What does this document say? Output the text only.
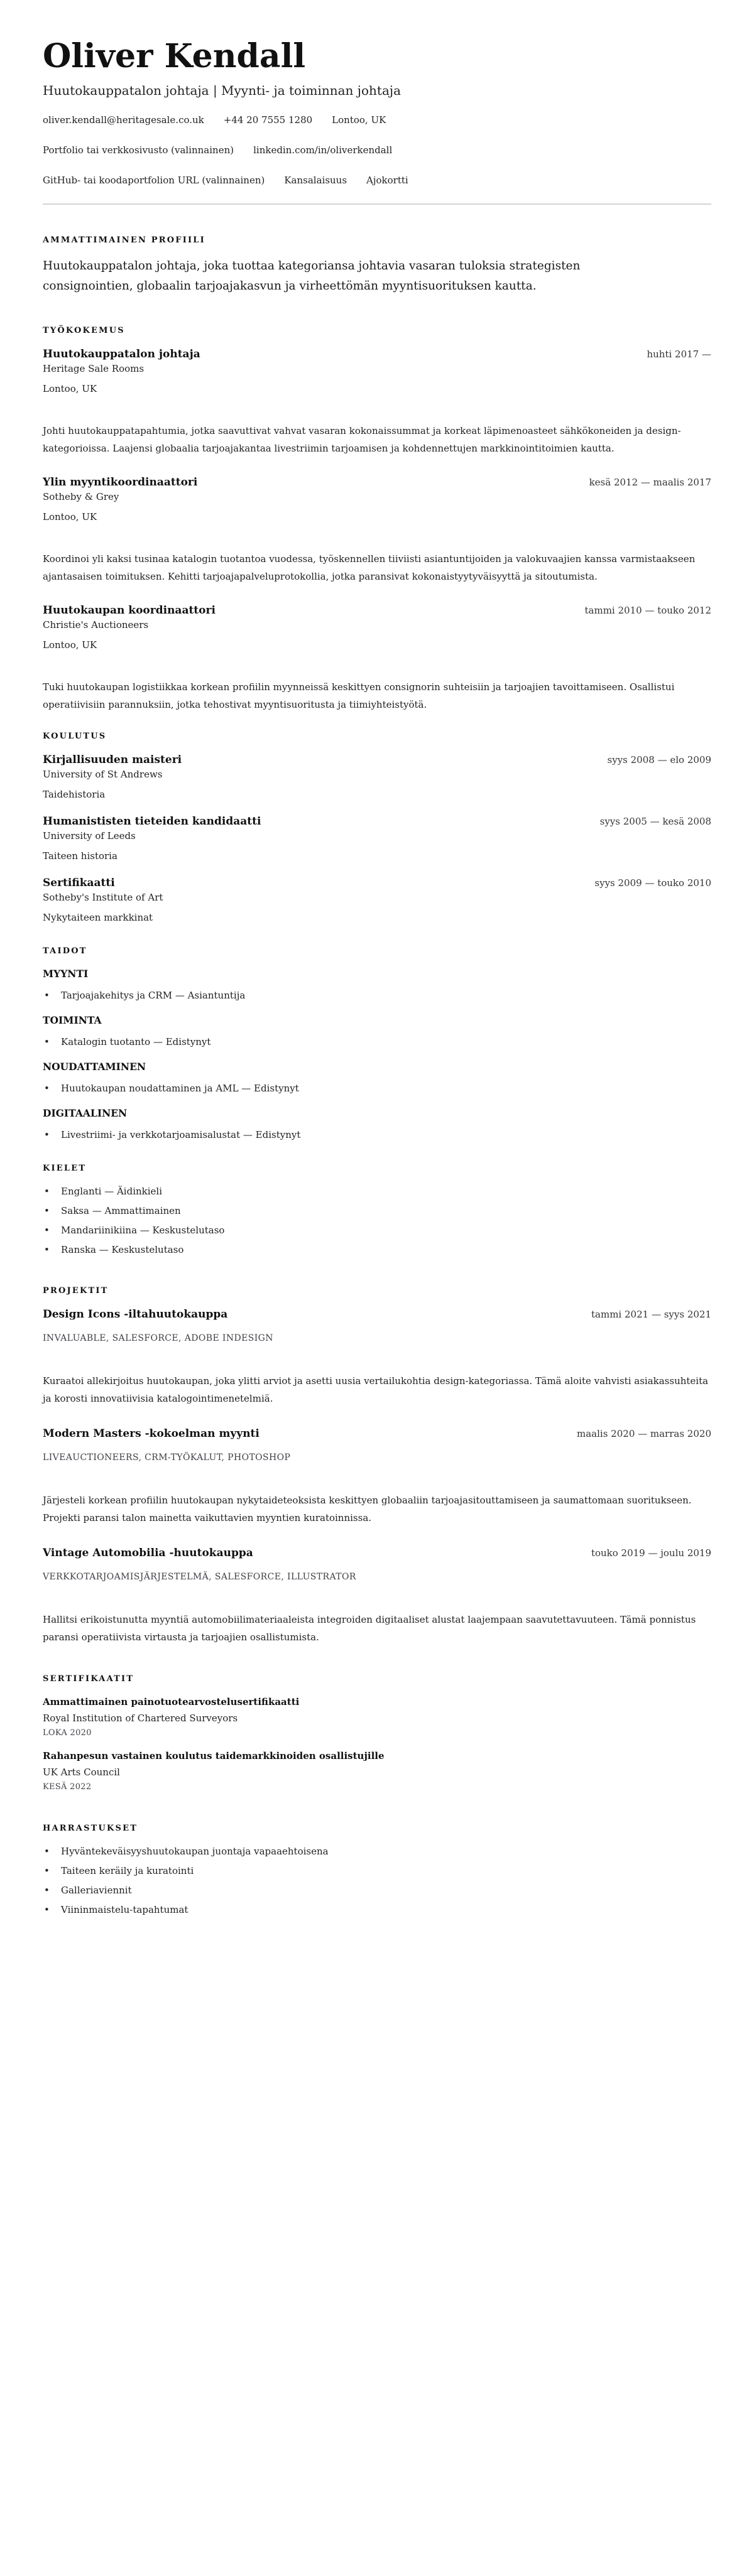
Oliver Kendall
Huutokauppatalon johtaja | Myynti- ja toiminnan johtaja
oliver.kendall@heritagesale.co.uk +44 20 7555 1280 Lontoo, UK
Portfolio tai verkkosivusto (valinnainen) linkedin.com/in/oliverkendall
GitHub- tai koodaportfolion URL (valinnainen) Kansalaisuus Ajokortti
AMMATTIMAINEN PROFIILI

Huutokauppatalon johtaja, joka tuottaa kategoriansa johtavia vasaran tuloksia strategisten consignointien, globaalin tarjoajakasvun ja virheettömän myyntisuorituksen kautta.

TYÖKOKEMUS
Huutokauppatalon johtaja	huhti 2017 —
Heritage Sale Rooms
Lontoo, UK

Johti huutokauppatapahtumia, jotka saavuttivat vahvat vasaran kokonaissummat ja korkeat läpimenoasteet sähkökoneiden ja design-kategorioissa. Laajensi globaalia tarjoajakantaa livestriimin tarjoamisen ja kohdennettujen markkinointitoimien kautta.

Ylin myyntikoordinaattori	kesä 2012 — maalis 2017
Sotheby & Grey
Lontoo, UK

Koordinoi yli kaksi tusinaa katalogin tuotantoa vuodessa, työskennellen tiiviisti asiantuntijoiden ja valokuvaajien kanssa varmistaakseen ajantasaisen toimituksen. Kehitti tarjoajapalveluprotokollia, jotka paransivat kokonaistyytyväisyyttä ja sitoutumista.

Huutokaupan koordinaattori	tammi 2010 — touko 2012
Christie's Auctioneers
Lontoo, UK

Tuki huutokaupan logistiikkaa korkean profiilin myynneissä keskittyen consignorin suhteisiin ja tarjoajien tavoittamiseen. Osallistui operatiivisiin parannuksiin, jotka tehostivat myyntisuoritusta ja tiimiyhteistyötä.

KOULUTUS
Kirjallisuuden maisteri	syys 2008 — elo 2009
University of St Andrews
Taidehistoria
Humanististen tieteiden kandidaatti	syys 2005 — kesä 2008
University of Leeds
Taiteen historia
Sertifikaatti	syys 2009 — touko 2010
Sotheby's Institute of Art
Nykytaiteen markkinat
TAIDOT
MYYNTI
• Tarjoajakehitys ja CRM — Asiantuntija
TOIMINTA
• Katalogin tuotanto — Edistynyt
NOUDATTAMINEN
• Huutokaupan noudattaminen ja AML — Edistynyt
DIGITAALINEN
• Livestriimi- ja verkkotarjoamisalustat — Edistynyt
KIELET
• Englanti — Äidinkieli
• Saksa — Ammattimainen
• Mandariinikiina — Keskustelutaso
• Ranska — Keskustelutaso
PROJEKTIT
Design Icons -iltahuutokauppa	tammi 2021 — syys 2021
INVALUABLE, SALESFORCE, ADOBE INDESIGN

Kuraatoi allekirjoitus huutokaupan, joka ylitti arviot ja asetti uusia vertailukohtia design-kategoriassa. Tämä aloite vahvisti asiakassuhteita ja korosti innovatiivisia katalogointimenetelmiä.

Modern Masters -kokoelman myynti	maalis 2020 — marras 2020
LIVEAUCTIONEERS, CRM-TYÖKALUT, PHOTOSHOP

Järjesteli korkean profiilin huutokaupan nykytaideteoksista keskittyen globaaliin tarjoajasitouttamiseen ja saumattomaan suoritukseen. Projekti paransi talon mainetta vaikuttavien myyntien kuratoinnissa.

Vintage Automobilia -huutokauppa	touko 2019 — joulu 2019
VERKKOTARJOAMISJÄRJESTELMÄ, SALESFORCE, ILLUSTRATOR

Hallitsi erikoistunutta myyntiä automobiilimateriaaleista integroiden digitaaliset alustat laajempaan saavutettavuuteen. Tämä ponnistus paransi operatiivista virtausta ja tarjoajien osallistumista.

SERTIFIKAATIT
Ammattimainen painotuotearvostelusertifikaatti
Royal Institution of Chartered Surveyors
LOKA 2020
Rahanpesun vastainen koulutus taidemarkkinoiden osallistujille
UK Arts Council
KESÄ 2022
HARRASTUKSET
• Hyväntekeväisyyshuutokaupan juontaja vapaaehtoisena
• Taiteen keräily ja kuratointi
• Galleriaviennit
• Viininmaistelu-tapahtumat
